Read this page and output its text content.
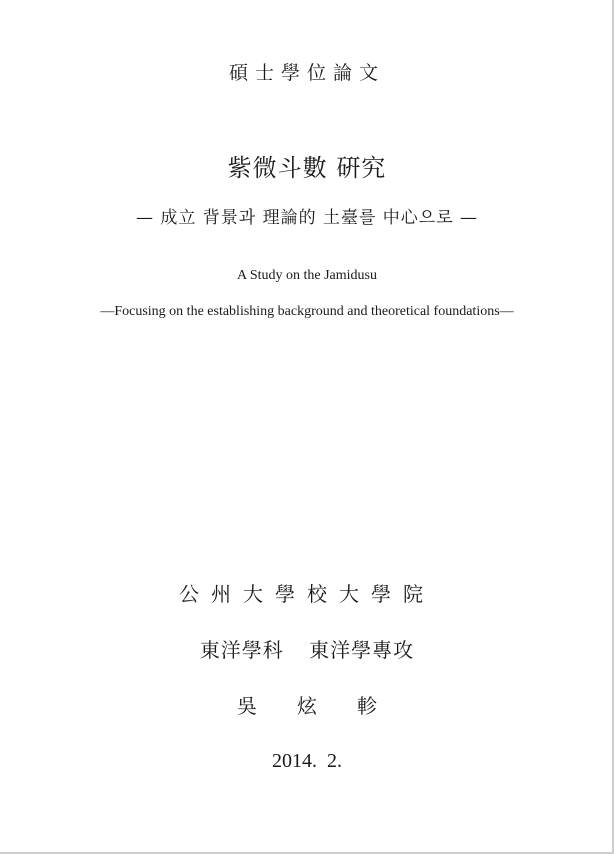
碩士學位論文
紫微斗數 硏究
— 成立 背景과 理論的 土臺를 中心으로 —
A Study on the Jamidusu
—Focusing on the establishing background and theoretical foundations—
公州大學校大學院
東洋學科 東洋學專攻
吳炫軫
2014.  2.
